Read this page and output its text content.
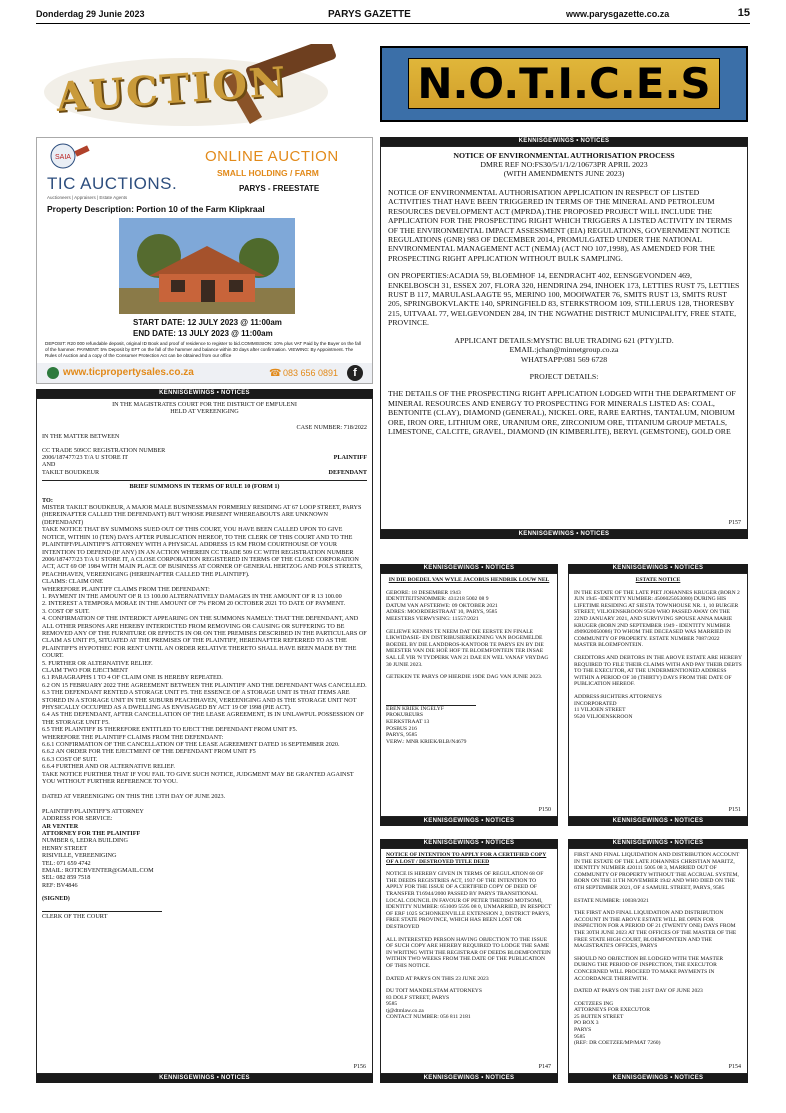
Donderdag 29 Junie 2023	PARYS GAZETTE	www.parysgazette.co.za	15
AUCTION	N.O.T.I.C.E.S
SAIA
TIC AUCTIONS.
Auctioneers | Appraisers | Estate Agents
ONLINE AUCTION
SMALL HOLDING / FARM
PARYS - FREESTATE
Property Description: Portion 10 of the Farm Klipkraal
START DATE: 12 JULY 2023 @ 11:00am
END DATE: 13 JULY 2023 @ 11:00am
DEPOSIT: R20 000 refundable deposit, original ID Book and proof of residence to register to bid.COMMISSION: 10% plus VAT Paid by the Buyer on the fall of the hammer. PAYMENT: 5% Deposit by EFT on the fall of the hammer and balance within 30 days after confirmation. VIEWING: By Appointment. The Rules of Auction and a copy of the Consumer Protection Act can be obtained from our office
www.ticpropertysales.co.za	☎ 083 656 0891	f
KENNISGEWINGS • NOTICES
NOTICE OF ENVIRONMENTAL AUTHORISATION PROCESS
DMRE REF NO:FS30/5/1/1/2/10673PR APRIL 2023
(WITH AMENDMENTS JUNE 2023)
NOTICE OF ENVIRONMENTAL AUTHORISATION APPLICATION IN RESPECT OF LISTED ACTIVITIES THAT HAVE BEEN TRIGGERED IN TERMS OF THE MINERAL AND PETROLEUM RESOURCES DEVELOPMENT ACT (MPRDA).THE PROPOSED PROJECT WILL INCLUDE THE APPLICATION FOR THE PROSPECTING RIGHT WHICH TRIGGERS A LISTED ACTIVITY IN TERMS OF THE ENVIRONMENTAL IMPACT ASSESSMENT (EIA) REGULATIONS, GOVERNMENT NOTICE REGULATIONS (GNR) 983 OF DECEMBER 2014, PROMULGATED UNDER THE NATIONAL ENVIRONMENTAL MANAGEMENT ACT (NEMA) (ACT NO 107,1998), AS AMENDED FOR THE PROSPECTING RIGHT APPLICATION WITHOUT BULK SAMPLING.
ON PROPERTIES:ACADIA 59, BLOEMHOF 14, EENDRACHT 402, EENSGEVONDEN 469, ENKELBOSCH 31, ESSEX 207, FLORA 320, HENDRINA 294, INHOEK 173, LETTIES RUST 75, LETTIES RUST B 117, MARULASLAAGTE 95, MERINO 100, MOOIWATER 76, SMITS RUST 13, SMITS RUST 205, SPRINGBOKVLAKTE 140, SPRINGFIELD 83, STERKSTROOM 109, STILLERUS 128, THORESBY 215, UITVAAL 77, WELGEVONDEN 284, IN THE NGWATHE DISTRICT MUNICIPALITY, FREE STATE, PROVINCE.
APPLICANT DETAILS:MYSTIC BLUE TRADING 621 (PTY)LTD.
EMAIL:jchan@minnetgroup.co.za
WHATSAPP:081 569 6728
PROJECT DETAILS:
THE DETAILS OF THE PROSPECTING RIGHT APPLICATION LODGED WITH THE DEPARTMENT OF MINERAL RESOURCES AND ENERGY TO PROSPECTING FOR MINERALS LISTED AS: COAL, BENTONITE (CLAY), DIAMOND (GENERAL), NICKEL ORE, RARE EARTHS, TANTALUM, NIOBIUM ORE, IRON ORE, LITHIUM ORE, URANIUM ORE, ZIRCONIUM ORE, TITANIUM GROUP METALS, LIMESTONE, CALCITE, GRAVEL, DIAMOND (IN KIMBERLITE), BERYL (GEMSTONE), GOLD ORE
P157
KENNISGEWINGS • NOTICES
KENNISGEWINGS • NOTICES
IN THE MAGISTRATES COURT FOR THE DISTRICT OF EMFULENI
HELD AT VEREENIGING
CASE NUMBER: 718/2022
IN THE MATTER BETWEEN
CC TRADE 509CC REGISTRATION NUMBER
2006/187477/23 T/A U STORE IT
AND
TAKILT BOUDKEUR
PLAINTIFF
DEFENDANT
BRIEF SUMMONS IN TERMS OF RULE 10 (FORM 1)
TO:
MISTER TAKILT BOUDKEUR, A MAJOR MALE BUSINESSMAN FORMERLY RESIDING AT 67 LOOP STREET, PARYS (HEREINAFTER CALLED THE DEFENDANT) BUT WHOSE PRESENT WHEREABOUTS ARE UNKNOWN (DEFENDANT)
TAKE NOTICE THAT BY SUMMONS SUED OUT OF THIS COURT, YOU HAVE BEEN CALLED UPON TO GIVE NOTICE, WITHIN 10 (TEN) DAYS AFTER PUBLICATION HEREOF, TO THE CLERK OF THIS COURT AND TO THE PLAINTIFF/PLAINTIFF'S ATTORNEY WITH A PHYSICAL ADDRESS 15 KM FROM COURTHOUSE OF YOUR INTENTION TO DEFEND (IF ANY) IN AN ACTION WHEREIN CC TRADE 509 CC WITH REGISTRATION NUMBER 2006/187477/23 T/A U STORE IT, A CLOSE CORPORATION REGISTERED IN TERMS OF THE CLOSE CORPORATION ACT, ACT 69 OF 1984 WITH MAIN PLACE OF BUSINESS AT CORNER OF GENERAL HERTZOG AND POLS STREETS, PEACHHAVEN, VEREENIGING (HEREINAFTER CALLED THE PLAINTIFF).
CLAIMS: CLAIM ONE
WHEREFORE PLAINTIFF CLAIMS FROM THE DEFENDANT:
1. PAYMENT IN THE AMOUNT OF R 13 100.00 ALTERNATIVELY DAMAGES IN THE AMOUNT OF R 13 100.00
2. INTEREST A TEMPORA MORAE IN THE AMOUNT OF 7% FROM 20 OCTOBER 2021 TO DATE OF PAYMENT.
3. COST OF SUIT.
4. CONFIRMATION OF THE INTERDICT APPEARING ON THE SUMMONS NAMELY: THAT THE DEFENDANT, AND ALL OTHER PERSONS ARE HEREBY INTERDICTED FROM REMOVING OR CAUSING OR SUFFERING TO BE REMOVED ANY OF THE FURNITURE OR EFFECTS IN OR ON THE PREMISES DESCRIBED IN THE PARTICULARS OF CLAIM AS UNIT F5, SITUATED AT THE PREMISES OF THE PLAINTIFF, HEREINAFTER REFERRED TO AS THE PLAINTIFF'S HYPOTHEC FOR RENT UNTIL AN ORDER RELATIVE THERETO SHALL HAVE BEEN MADE BY THE COURT.
5. FURTHER OR ALTERNATIVE RELIEF.
CLAIM TWO FOR EJECTMENT
6.1 PARAGRAPHS 1 TO 4 OF CLAIM ONE IS HEREBY REPEATED.
6.2 ON 15 FEBRUARY 2022 THE AGREEMENT BETWEEN THE PLAINTIFF AND THE DEFENDANT WAS CANCELLED.
6.3 THE DEFENDANT RENTED A STORAGE UNIT F5. THE ESSENCE OF A STORAGE UNIT IS THAT ITEMS ARE STORED IN A STORAGE UNIT IN THE SUBURB PEACHHAVEN, VEREENIGING AND IS THE STORAGE UNIT NOT PHYSICALLY OCCUPIED AS A DWELLING AS ENVISAGED BY ACT 19 OF 1998 (PIE ACT).
6.4 AS THE DEFENDANT, AFTER CANCELLATION OF THE LEASE AGREEMENT, IS IN UNLAWFUL POSSESSION OF THE STORAGE UNIT F5.
6.5 THE PLAINTIFF IS THEREFORE ENTITLED TO EJECT THE DEFENDANT FROM UNIT F5.
WHEREFORE THE PLAINTIFF CLAIMS FROM THE DEFENDANT:
6.6.1 CONFIRMATION OF THE CANCELLATION OF THE LEASE AGREEMENT DATED 16 SEPTEMBER 2020.
6.6.2 AN ORDER FOR THE EJECTMENT OF THE DEFENDANT FROM UNIT F5
6.6.3 COST OF SUIT.
6.6.4 FURTHER AND OR ALTERNATIVE RELIEF.
TAKE NOTICE FURTHER THAT IF YOU FAIL TO GIVE SUCH NOTICE, JUDGMENT MAY BE GRANTED AGAINST YOU WITHOUT FURTHER REFERENCE TO YOU.

DATED AT VEREENIGING ON THIS THE 13TH DAY OF JUNE 2023.

PLAINTIFF/PLAINTIFF'S ATTORNEY
ADDRESS FOR SERVICE:
AR VENTER
ATTORNEY FOR THE PLAINTIFF
NUMBER 6, LEDRA BUILDING
HENRY STREET
RISIVILLE, VEREENIGING
TEL: 071 659 4742
EMAIL: ROTICBVENTER@GMAIL.COM
SEL: 082 859 7518
REF: BV4846
(SIGNED)
CLERK OF THE COURT
P156
KENNISGEWINGS • NOTICES
KENNISGEWINGS • NOTICES
IN DIE BOEDEL VAN WYLE JACOBUS HENDRIK LOUW NEL
GEBORE: 18 DESEMBER 1943
IDENTITEITSNOMMER: 431218 5002 08 9
DATUM VAN AFSTERWE: 09 OKTOBER 2021
ADRES: MOORDERSTRAAT 10, PARYS, 9585
MEESTERS VERWYSING: 11557/2021
GELIEWE KENNIS TE NEEM DAT DIE EERSTE EN FINALE LIKWIDASIE- EN DISTRIBUSIEREKENING VAN BOGEMELDE BOEDEL BY DIE LANDDROS-KANTOOR TE PARYS EN BY DIE MEESTER VAN DIE HOË HOF TE BLOEMFONTEIN TER INSAE SAL LÊ VIR 'N TYDPERK VAN 21 DAE EN WEL VANAF VRYDAG 30 JUNIE 2023.
GETEKEN TE PARYS OP HIERDIE 19DE DAG VAN JUNIE 2023.
EBEN KRIEK INGELYF
PROKUREURS
KERKSTRAAT 13
POSBUS 216
PARYS, 9585
VERW.: MNR KRIEK/BLB/N4679
P150
KENNISGEWINGS • NOTICES
KENNISGEWINGS • NOTICES
ESTATE NOTICE
IN THE ESTATE OF THE LATE PIET JOHANNES KRUGER (BORN 2 JUN 1945 -IDENTITY NUMBER: 4506025053080) DURING HIS LIFETIME RESIDING AT SIESTA TOWNHOUSE NR. 1, 10 BURGER STREET, VILJOENSKROON 9520 WHO PASSED AWAY ON THE 22ND JANUARY 2021, AND SURVIVING SPOUSE ANNA MARIE KRUGER (BORN 2ND SEPTEMBER 1949 - IDENTITY NUMBER 4909020050086) TO WHOM THE DECEASED WAS MARRIED IN COMMUNITY OF PROPERTY. ESTATE NUMBER 7087/2022 MASTER BLOEMFONTEIN.
CREDITORS AND DEBTORS IN THE ABOVE ESTATE ARE HEREBY REQUIRED TO FILE THEIR CLAIMS WITH AND PAY THEIR DEBTS TO THE EXECUTOR, AT THE UNDERMENTIONED ADDRESS WITHIN A PERIOD OF 30 (THIRTY) DAYS FROM THE DATE OF PUBLICATION HEREOF.
ADDRESS:RICHTERS ATTORNEYS
INCORPORATED
11 VILJOEN STREET
9520 VILJOENSKROON
P151
KENNISGEWINGS • NOTICES
KENNISGEWINGS • NOTICES
NOTICE OF INTENTION TO APPLY FOR A CERTIFIED COPY OF A LOST / DESTROYED TITLE DEED
NOTICE IS HEREBY GIVEN IN TERMS OF REGULATION 68 OF THE DEEDS REGISTRIES ACT, 1937 OF THE INTENTION TO APPLY FOR THE ISSUE OF A CERTIFIED COPY OF DEED OF TRANSFER T16944/2000 PASSED BY PARYS TRANSITIONAL LOCAL COUNCIL IN FAVOUR OF PETER THEDISO MOTSOMI, IDENTITY NUMBER: 651009 5595 08 0, UNMARRIED, IN RESPECT OF ERF 1025 SCHONKENVILLE EXTENSION 2, DISTRICT PARYS, FREE STATE PROVINCE, WHICH HAS BEEN LOST OR DESTROYED
ALL INTERESTED PERSON HAVING OBJECTION TO THE ISSUE OF SUCH COPY ARE HEREBY REQUIRED TO LODGE THE SAME IN WRITING WITH THE REGISTRAR OF DEEDS BLOEMFONTEIN WITHIN TWO WEEKS FROM THE DATE OF THE PUBLICATION OF THIS NOTICE.
DATED AT PARYS ON THIS 23 JUNE 2023
DU TOIT MANDELSTAM ATTORNEYS
83 DOLF STREET, PARYS
9585
tj@dtmlaw.co.za
CONTACT NUMBER: 056 811 2181
P147
KENNISGEWINGS • NOTICES
KENNISGEWINGS • NOTICES
FIRST AND FINAL LIQUIDATION AND DISTRIBUTION ACCOUNT IN THE ESTATE OF THE LATE JOHANNES CHRISTIAN MARITZ, IDENTITY NUMBER 420111 5005 08 3, MARRIED OUT OF COMMUNITY OF PROPERTY WITHOUT THE ACCRUAL SYSTEM, BORN ON THE 11TH NOVEMBER 1942 AND WHO DIED ON THE 6TH SEPTEMBER 2021, OF 4 SAMUEL STREET, PARYS, 9585
ESTATE NUMBER: 10038/2021
THE FIRST AND FINAL LIQUIDATION AND DISTRIBUTION ACCOUNT IN THE ABOVE ESTATE WILL BE OPEN FOR INSPECTION FOR A PERIOD OF 21 (TWENTY ONE) DAYS FROM THE 30TH JUNE 2023 AT THE OFFICES OF THE MASTER OF THE FREE STATE HIGH COURT, BLOEMFONTEIN AND THE MAGISTRATE'S OFFICES, PARYS
SHOULD NO OBJECTION BE LODGED WITH THE MASTER DURING THE PERIOD OF INSPECTION, THE EXECUTOR CONCERNED WILL PROCEED TO MAKE PAYMENTS IN ACCORDANCE THEREWITH.
DATED AT PARYS ON THE 21ST DAY OF JUNE 2023
COETZEES ING
ATTORNEYS FOR EXECUTOR
25 BUITEN STREET
PO BOX 3
PARYS
9585
(REF: DR COETZEE/MP/MAT 7260)
P154
KENNISGEWINGS • NOTICES
